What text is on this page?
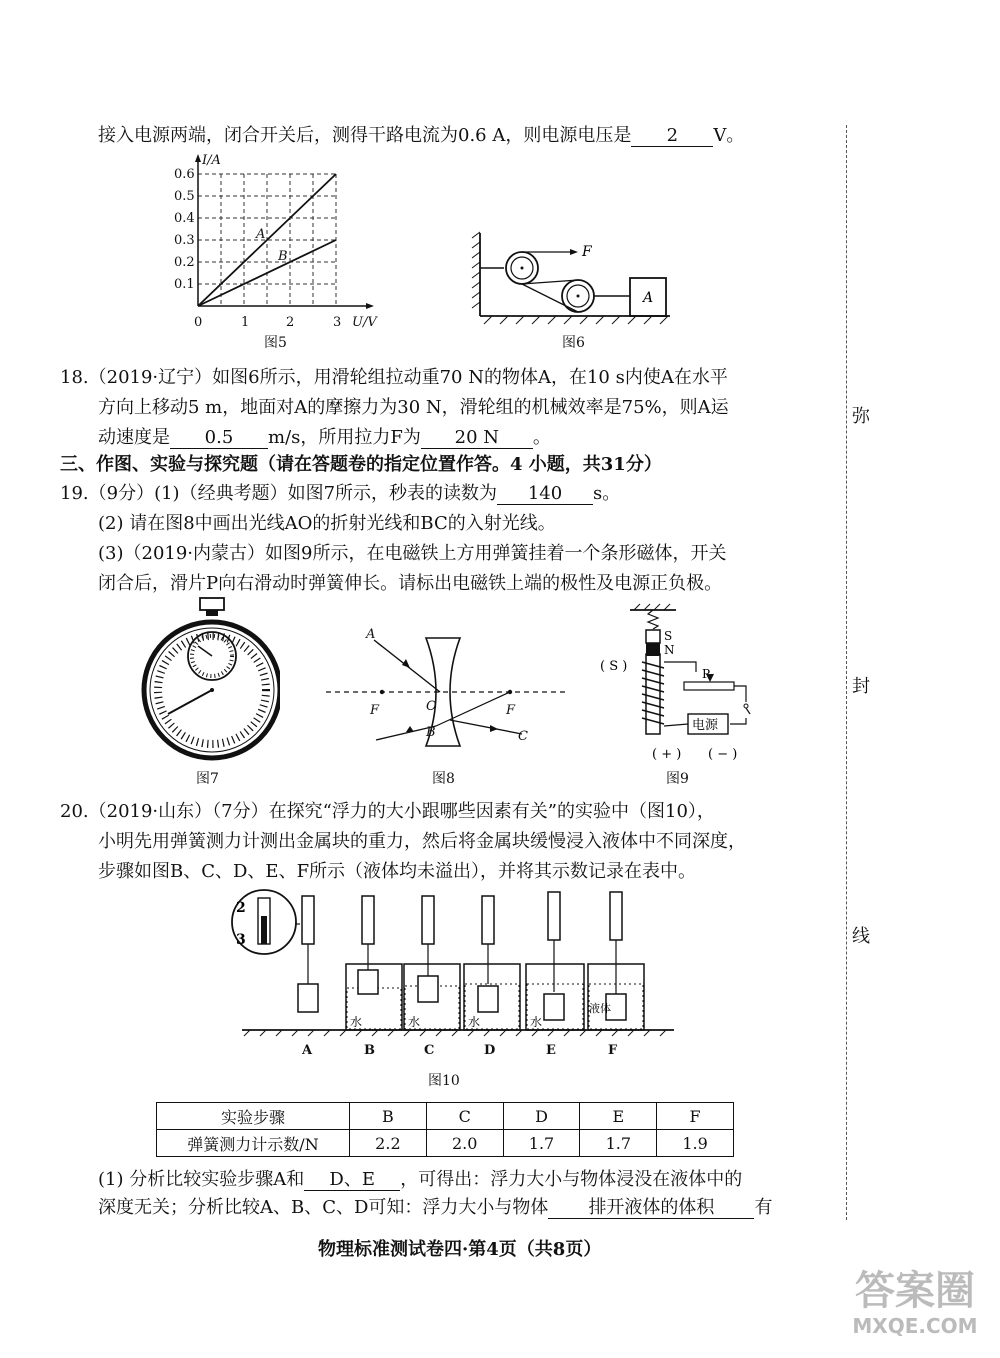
弥
封
线
接入电源两端，闭合开关后，测得干路电流为0.6 A，则电源电压是 2 V。
I/A
0.6
0.5
0.4
0.3
0.2
0.1
0	1	2	3 U/V
A
B
图5
F
A
图6
18.（2019·辽宁）如图6所示，用滑轮组拉动重70 N的物体A，在10 s内使A在水平
方向上移动5 m，地面对A的摩擦力为30 N，滑轮组的机械效率是75%，则A运
动速度是 0.5 m/s，所用拉力F为 20 N 。
三、作图、实验与探究题（请在答题卷的指定位置作答。4 小题，共31分）
19.（9分）(1)（经典考题）如图7所示，秒表的读数为 140 s。
(2) 请在图8中画出光线AO的折射光线和BC的入射光线。
(3)（2019·内蒙古）如图9所示，在电磁铁上方用弹簧挂着一个条形磁体，开关
闭合后，滑片P向右滑动时弹簧伸长。请标出电磁铁上端的极性及电源正负极。
图7
A
B	C
F	F
O
图8
S
N
( S )	P
电源
( + ) ( − )
图9
20.（2019·山东）（7分）在探究“浮力的大小跟哪些因素有关”的实验中（图10），
小明先用弹簧测力计测出金属块的重力，然后将金属块缓慢浸入液体中不同深度，
步骤如图B、C、D、E、F所示（液体均未溢出），并将其示数记录在表中。
2
3
水	水	水	水
液体
A	B	C	D	E	F
图10
实验步骤	B	C	D	E	F
弹簧测力计示数/N	2.2	2.0	1.7	1.7	1.9
(1) 分析比较实验步骤A和 D、E ，可得出：浮力大小与物体浸没在液体中的
深度无关；分析比较A、B、C、D可知：浮力大小与物体 排开液体的体积 有
物理标准测试卷四·第4页（共8页）
答案圈
MXQE.COM
